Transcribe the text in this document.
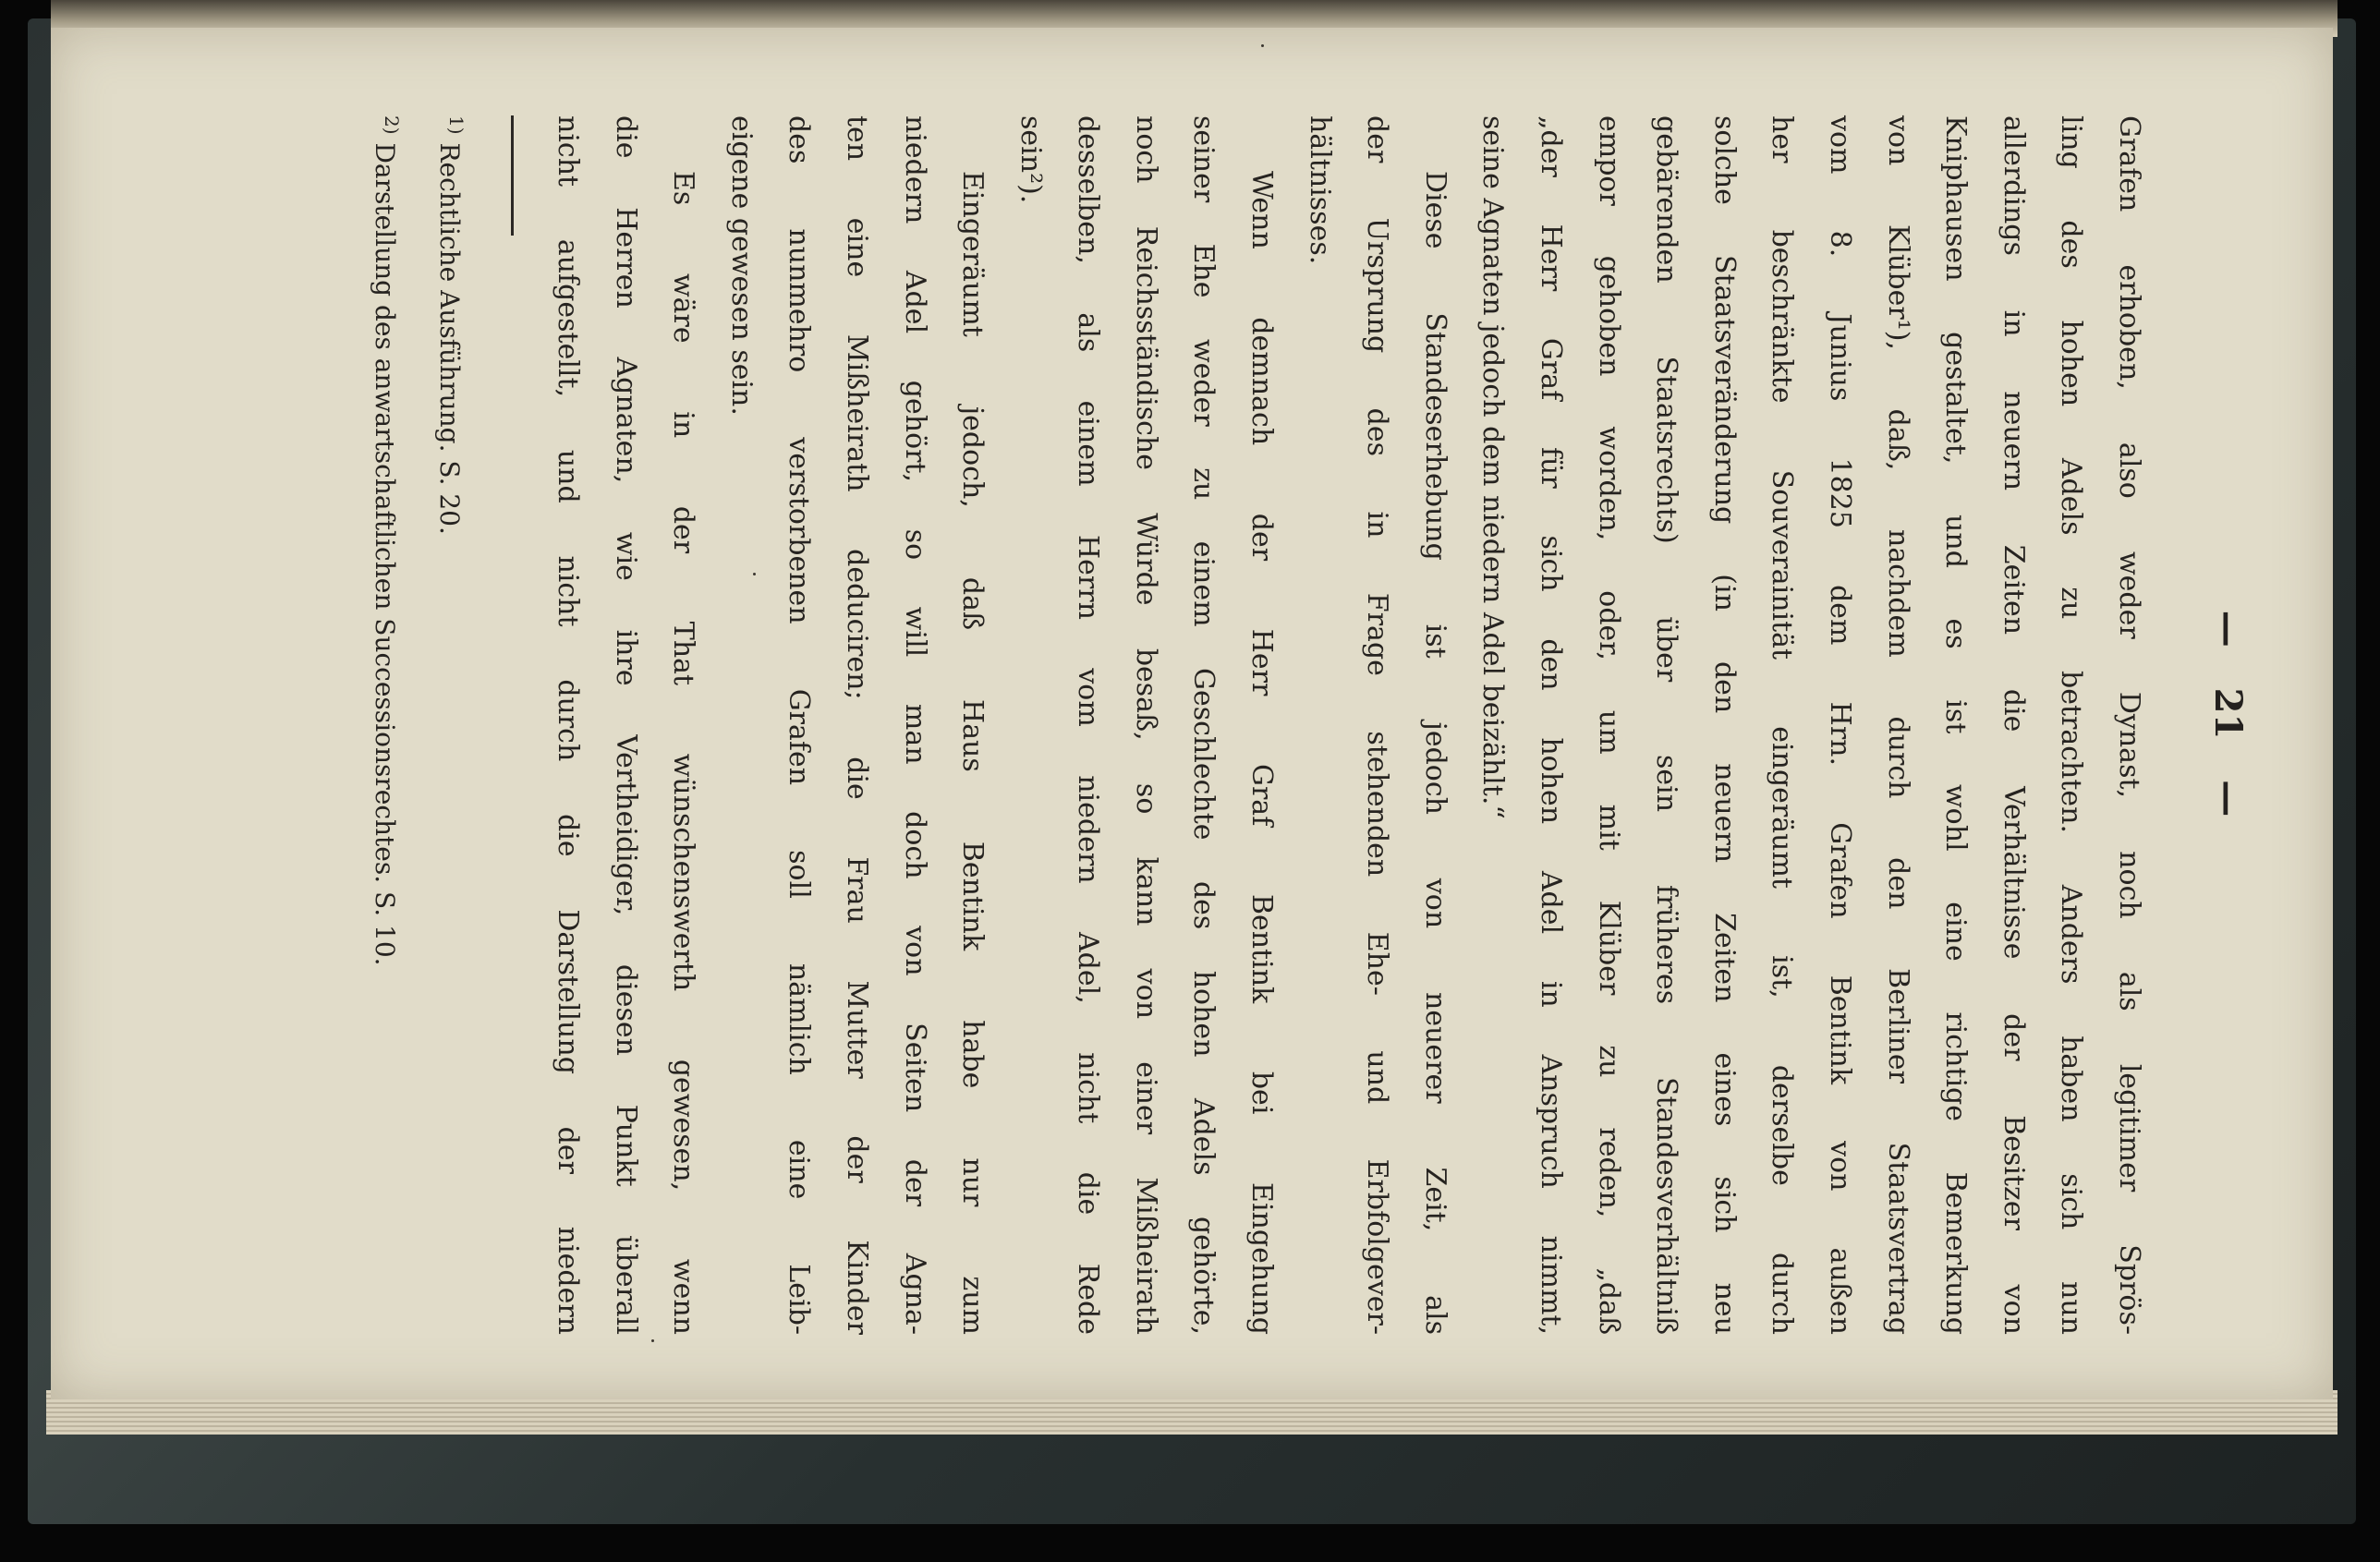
— 21 —
Grafen erhoben, also weder Dynast, noch als legitimer Sprös-
ling des hohen Adels zu betrachten. Anders haben sich nun
allerdings in neuern Zeiten die Verhältnisse der Besitzer von
Kniphausen gestaltet, und es ist wohl eine richtige Bemerkung
von Klüber¹), daß, nachdem durch den Berliner Staatsvertrag
vom 8. Junius 1825 dem Hrn. Grafen Bentink von außen
her beschränkte Souverainität eingeräumt ist, derselbe durch
solche Staatsveränderung (in den neuern Zeiten eines sich neu
gebärenden Staatsrechts) über sein früheres Standesverhältniß
empor gehoben worden, oder, um mit Klüber zu reden, „daß
„der Herr Graf für sich den hohen Adel in Anspruch nimmt,
seine Agnaten jedoch dem niedern Adel beizählt.“
Diese Standeserhebung ist jedoch von neuerer Zeit, als
der Ursprung des in Frage stehenden Ehe- und Erbfolgever-
hältnisses.
Wenn demnach der Herr Graf Bentink bei Eingehung
seiner Ehe weder zu einem Geschlechte des hohen Adels gehörte,
noch Reichsständische Würde besaß, so kann von einer Mißheirath
desselben, als einem Herrn vom niedern Adel, nicht die Rede
sein²).
Eingeräumt jedoch, daß Haus Bentink habe nur zum
niedern Adel gehört, so will man doch von Seiten der Agna-
ten eine Mißheirath deduciren; die Frau Mutter der Kinder
des nunmehro verstorbenen Grafen soll nämlich eine Leib-
eigene gewesen sein.
Es wäre in der That wünschenswerth gewesen, wenn
die Herren Agnaten, wie ihre Vertheidiger, diesen Punkt überall
nicht aufgestellt, und nicht durch die Darstellung der niedern
$^{1)}$ Rechtliche Ausführung. S. 20.
$^{2)}$ Darstellung des anwartschaftlichen Successionsrechtes. S. 10.
